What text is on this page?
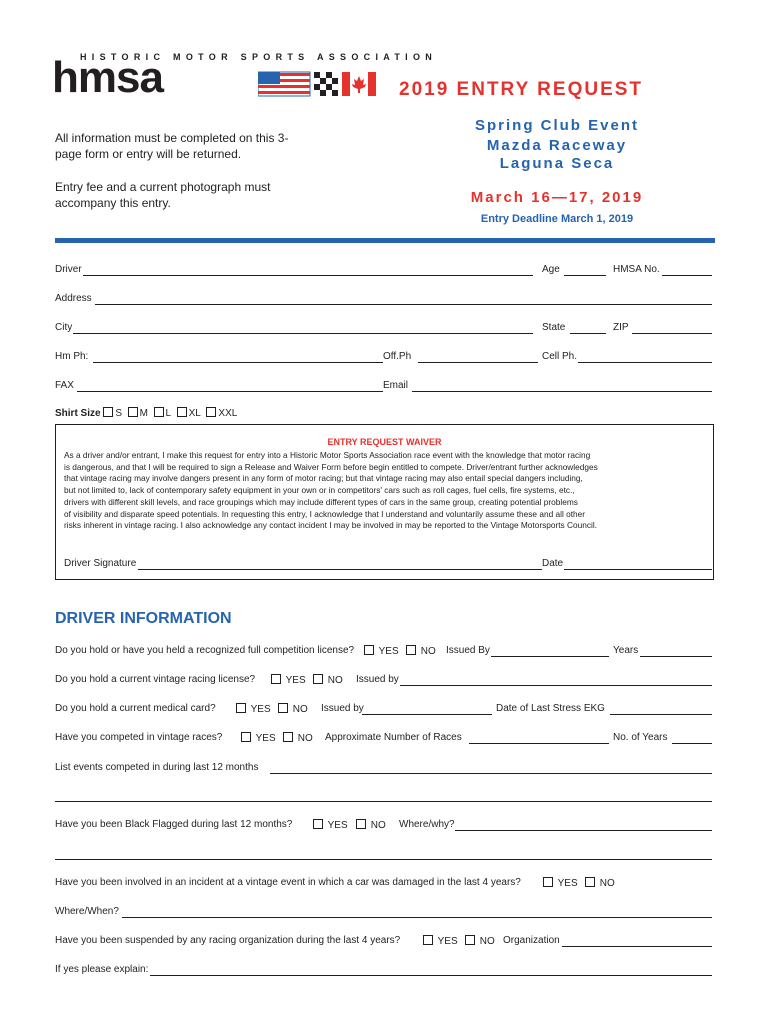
HISTORIC MOTOR SPORTS ASSOCIATION
hmsa	2019 ENTRY REQUEST
Spring Club Event
Mazda Raceway
Laguna Seca
March 16—17, 2019
Entry Deadline March 1, 2019
All information must be completed on this 3-page form or entry will be returned.
Entry fee and a current photograph must accompany this entry.
Driver	Age	HMSA No.
Address
City	State	ZIP
Hm Ph:	Off.Ph	Cell Ph.
FAX	Email
Shirt Size S M L XL XXL
ENTRY REQUEST WAIVER
As a driver and/or entrant, I make this request for entry into a Historic Motor Sports Association race event with the knowledge that motor racing
is dangerous, and that I will be required to sign a Release and Waiver Form before begin entitled to compete. Driver/entrant further acknowledges
that vintage racing may involve dangers present in any form of motor racing; but that vintage racing may also entail special dangers including,
but not limited to, lack of contemporary safety equipment in your own or in competitors' cars such as roll cages, fuel cells, fire systems, etc.,
drivers with different skill levels, and race groupings which may include different types of cars in the same group, creating potential problems
of visibility and disparate speed potentials. In requesting this entry, I acknowledge that I understand and voluntarily assume these and all other
risks inherent in vintage racing. I also acknowledge any contact incident I may be involved in may be reported to the Vintage Motorsports Council.
Driver Signature	Date
DRIVER INFORMATION
Do you hold or have you held a recognized full competition license?	YES	NO Issued By	Years
Do you hold a current vintage racing license?	YES	NO Issued by
Do you hold a current medical card?	YES	NO Issued by	Date of Last Stress EKG
Have you competed in vintage races?	YES	NO Approximate Number of Races	No. of Years
List events competed in during last 12 months
Have you been Black Flagged during last 12 months?	YES	NO Where/why?
Have you been involved in an incident at a vintage event in which a car was damaged in the last 4 years?	YES	NO
Where/When?
Have you been suspended by any racing organization during the last 4 years?	YES	NO Organization
If yes please explain:
